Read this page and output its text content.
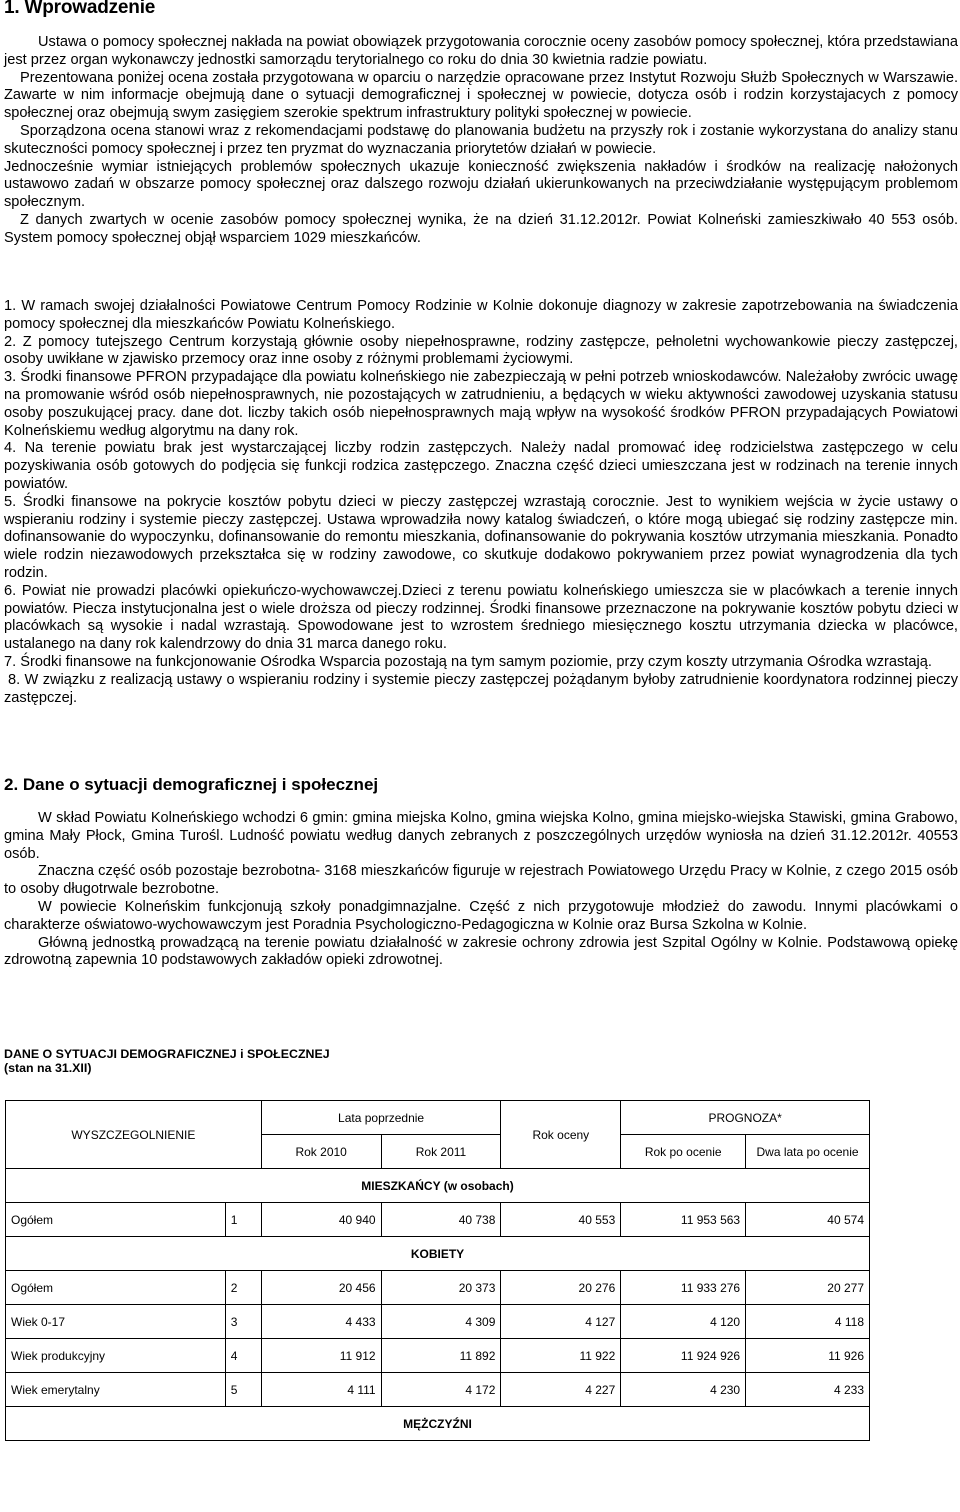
1. Wprowadzenie

Ustawa o pomocy społecznej nakłada na powiat obowiązek przygotowania corocznie oceny zasobów pomocy społecznej, która przedstawiana jest przez organ wykonawczy jednostki samorządu terytorialnego co roku do dnia 30 kwietnia radzie powiatu.

Prezentowana poniżej ocena została przygotowana w oparciu o narzędzie opracowane przez Instytut Rozwoju Służb Społecznych w Warszawie. Zawarte w nim informacje obejmują dane o sytuacji demograficznej i społecznej w powiecie, dotycza osób i rodzin korzystajacych z pomocy społecznej oraz obejmują swym zasięgiem szerokie spektrum infrastruktury polityki społecznej w powiecie.

Sporządzona ocena stanowi wraz z rekomendacjami podstawę do planowania budżetu na przyszły rok i zostanie wykorzystana do analizy stanu skuteczności pomocy społecznej i przez ten pryzmat do wyznaczania priorytetów działań w powiecie.

Jednocześnie wymiar istniejących problemów społecznych ukazuje konieczność zwiększenia nakładów i środków na realizację nałożonych ustawowo zadań w obszarze pomocy społecznej oraz dalszego rozwoju działań ukierunkowanych na przeciwdziałanie występującym problemom społecznym.

Z danych zwartych w ocenie zasobów pomocy społecznej wynika, że na dzień 31.12.2012r. Powiat Kolneński zamieszkiwało 40 553 osób. System pomocy społecznej objął wsparciem 1029 mieszkańców.

1. W ramach swojej działalności Powiatowe Centrum Pomocy Rodzinie w Kolnie dokonuje diagnozy w zakresie zapotrzebowania na świadczenia pomocy społecznej dla mieszkańców Powiatu Kolneńskiego.

2. Z pomocy tutejszego Centrum korzystają głównie osoby niepełnosprawne, rodziny zastępcze, pełnoletni wychowankowie pieczy zastępczej, osoby uwikłane w zjawisko przemocy oraz inne osoby z różnymi problemami życiowymi.

3. Środki finansowe PFRON przypadające dla powiatu kolneńskiego nie zabezpieczają w pełni potrzeb wnioskodawców. Należałoby zwrócic uwagę na promowanie wśród osób niepełnosprawnych, nie pozostających w zatrudnieniu, a będących w wieku aktywności zawodowej uzyskania statusu osoby poszukującej pracy. dane dot. liczby takich osób niepełnosprawnych mają wpływ na wysokość środków PFRON przypadających Powiatowi Kolneńskiemu według algorytmu na dany rok.

4. Na terenie powiatu brak jest wystarczającej liczby rodzin zastępczych. Należy nadal promować ideę rodzicielstwa zastępczego w celu pozyskiwania osób gotowych do podjęcia się funkcji rodzica zastępczego. Znaczna część dzieci umieszczana jest w rodzinach na terenie innych powiatów.

5. Środki finansowe na pokrycie kosztów pobytu dzieci w pieczy zastępczej wzrastają corocznie. Jest to wynikiem wejścia w życie ustawy o wspieraniu rodziny i systemie pieczy zastępczej. Ustawa wprowadziła nowy katalog świadczeń, o które mogą ubiegać się rodziny zastępcze min. dofinansowanie do wypoczynku, dofinansowanie do remontu mieszkania, dofinansowanie do pokrywania kosztów utrzymania mieszkania. Ponadto wiele rodzin niezawodowych przekształca się w rodziny zawodowe, co skutkuje dodakowo pokrywaniem przez powiat wynagrodzenia dla tych rodzin.

6. Powiat nie prowadzi placówki opiekuńczo-wychowawczej.Dzieci z terenu powiatu kolneńskiego umieszcza sie w placówkach a terenie innych powiatów. Piecza instytucjonalna jest o wiele droższa od pieczy rodzinnej. Środki finansowe przeznaczone na pokrywanie kosztów pobytu dzieci w placówkach są wysokie i nadal wzrastają. Spowodowane jest to wzrostem średniego miesięcznego kosztu utrzymania dziecka w placówce, ustalanego na dany rok kalendrzowy do dnia 31 marca danego roku.

7. Środki finansowe na funkcjonowanie Ośrodka Wsparcia pozostają na tym samym poziomie, przy czym koszty utrzymania Ośrodka wzrastają.

8. W związku z realizacją ustawy o wspieraniu rodziny i systemie pieczy zastępczej pożądanym byłoby zatrudnienie koordynatora rodzinnej pieczy zastępczej.

2. Dane o sytuacji demograficznej i społecznej

W skład Powiatu Kolneńskiego wchodzi 6 gmin: gmina miejska Kolno, gmina wiejska Kolno, gmina miejsko-wiejska Stawiski, gmina Grabowo, gmina Mały Płock, Gmina Turośl. Ludność powiatu według danych zebranych z poszczególnych urzędów wyniosła na dzień 31.12.2012r. 40553 osób.

Znaczna część osób pozostaje bezrobotna- 3168 mieszkańców figuruje w rejestrach Powiatowego Urzędu Pracy w Kolnie, z czego 2015 osób to osoby długotrwale bezrobotne.

W powiecie Kolneńskim funkcjonują szkoły ponadgimnazjalne. Część z nich przygotowuje młodzież do zawodu. Innymi placówkami o charakterze oświatowo-wychowawczym jest Poradnia Psychologiczno-Pedagogiczna w Kolnie oraz Bursa Szkolna w Kolnie.

Główną jednostką prowadzącą na terenie powiatu działalność w zakresie ochrony zdrowia jest Szpital Ogólny w Kolnie. Podstawową opiekę zdrowotną zapewnia 10 podstawowych zakładów opieki zdrowotnej.

DANE O SYTUACJI DEMOGRAFICZNEJ i SPOŁECZNEJ
(stan na 31.XII)
WYSZCZEGOLNIENIE		Lata poprzednie		Rok oceny	PROGNOZA*	
		Rok 2010	Rok 2011		Rok po ocenie	Dwa lata po ocenie
MIESZKAŃCY (w osobach)						
Ogółem	1	40 940	40 738	40 553	11 953 563	40 574
KOBIETY						
Ogółem	2	20 456	20 373	20 276	11 933 276	20 277
Wiek 0-17	3	4 433	4 309	4 127	4 120	4 118
Wiek produkcyjny	4	11 912	11 892	11 922	11 924 926	11 926
Wiek emerytalny	5	4 111	4 172	4 227	4 230	4 233
MĘŻCZYŹNI						
